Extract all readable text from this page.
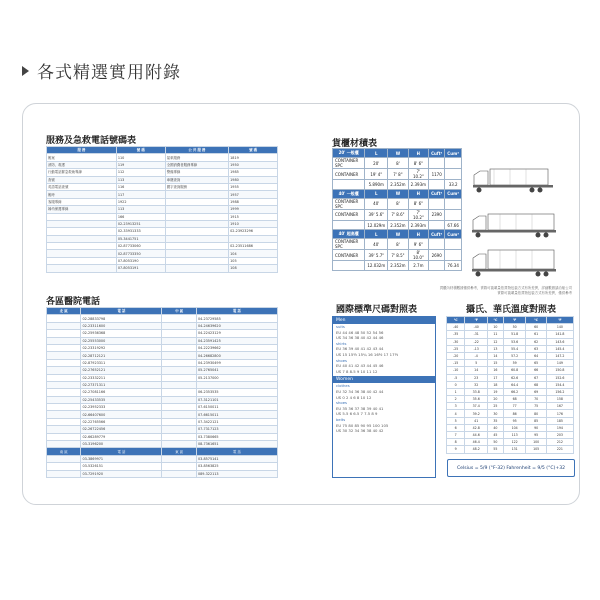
各式精選實用附錄
服務及急救電話號碼表
服 務	號 碼	公 共 服 務	號 碼
報案	110	氣象服務	1819
消防、救護	119	全國消費者服務專線	1950
行動電話緊急救助專線	112	警備專線	1985
查號	113	車籍查詢	1980
英語電話查號	116	國字查詢服務	1955
報時	117		1957
客服專線	1922		1988
婦幼保護專線	113		1999
	166		1915
	02-23913251		1910
	02-33931333		02-23923296
	05-3441751		
	02-87733060		02-23511686
	02-87733350		104
	07-8053190		105
	07-8053191		108
各區醫院電話
北 區	電 話	中 區	電 話
	02-28833798		04-23729585
	02-23311600		04-24639620
	02-25936368		04-22423129
	02-25553000		04-23591425
	02-23319292		04-22239662
	02-28712121		04-26682800
	02-87923311		04-23930499
	02-27652121		05-2765041
	02-23332211		05-2137000
	02-27371311		
	02-27081166		06-2353535
	02-25433535		07-3121101
	02-23952333		07-6150011
	02-66407600		07-6615011
	02-22765566		07-3422121
	02-26722456		07-7317123
	02-66289779		03-7380665
	03-3196200		08-7361651
南 區	電 話	東 區	電 話
	03-3869971		03-8575141
	03-5326151		03-8563825
	03-7291920		089-322113
貨櫃材積表
20' 一般櫃	L	W	H	Cuft³	Cum³
CONTAINER SPC	20'	8'	8' 6"		
CONTAINER	19' 4"	7' 8"	7' 10.2"	1170	
	5.890m	2.352m	2.393m		33.2
40' 一般櫃	L	W	H	Cuft³	Cum³
CONTAINER SPC	40'	8'	8' 6"		
CONTAINER	39' 5.6"	7' 8.6"	7' 10.2"	2390	
	12.029m	2.352m	2.393m		67.66
40' 超高櫃	L	W	H	Cuft³	Cum³
CONTAINER SPC	40'	8'	9' 6"		
CONTAINER	39' 5.7"	7' 8.5"	8' 10.0"	2690	
	12.032m	2.352m	2.7m		76.34
貨櫃內材積數據僅供參考，實際可裝載量依貨物包裝方式有所差異，詳細數據請洽船公司
實際可裝載量依貨物包裝方式有所差異，僅供參考
國際標準尺碼對照表
Men
suits
EU 44 46 48 50 52 54 56
US 34 36 38 40 42 44 46
shirts
EU 36 39 40 41 42 43 44
US 15 15½ 15¾ 16 16½ 17 17½
shoes
EU 40 41 42 43 44 45 46
US 7 8 8.5 9 10 11 12
Women
clothes
EU 32 34 36 38 40 42 44
US 0 2 4 6 8 10 12
shoes
EU 35 36 37 38 39 40 41
US 5.5 6 6.5 7 7.5 8 9
belts
EU 75 80 85 90 95 100 105
US 30 32 34 36 38 40 42
攝氏、華氏溫度對照表
℃	℉	℃	℉	℃	℉
-40	-40	10	50	60	140
-35	-31	11	51.8	61	141.8
-30	-22	12	53.6	62	143.6
-25	-13	13	55.4	63	145.4
-20	-4	14	57.2	64	147.2
-15	5	15	59	65	149
-10	14	16	60.8	66	150.8
-5	23	17	62.6	67	152.6
0	32	18	64.4	68	154.4
1	33.8	19	66.2	69	156.2
2	35.6	20	68	70	158
3	37.4	25	77	75	167
4	39.2	30	86	80	176
5	41	35	95	85	185
6	42.8	40	104	90	194
7	44.6	45	113	95	203
8	46.4	50	122	100	212
9	48.2	55	131	105	221
Celsius = 5/9 (°F-32) Fahrenheit = 9/5 (°C)+32
